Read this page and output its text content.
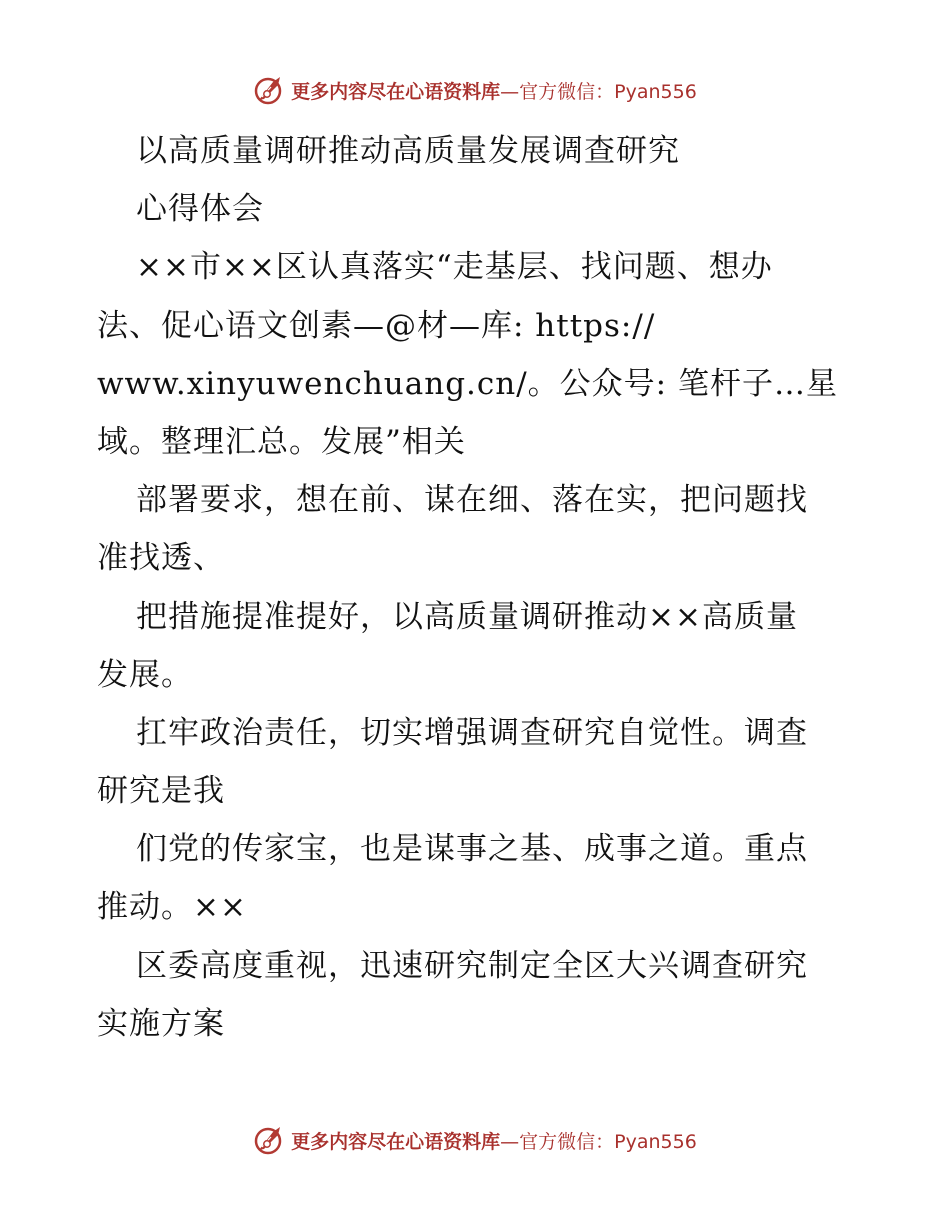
更多内容尽在心语资料库 —官方微信：Pyan556
以高质量调研推动高质量发展调查研究
心得体会
××市××区认真落实“走基层、找问题、想办
法、促心语文创素—@材—库: https://
www.xinyuwenchuang.cn/。公众号: 笔杆子…星
域。整理汇总。发展”相关
部署要求，想在前、谋在细、落在实，把问题找
准找透、
把措施提准提好，以高质量调研推动××高质量
发展。
扛牢政治责任，切实增强调查研究自觉性。调查
研究是我
们党的传家宝，也是谋事之基、成事之道。重点
推动。××
区委高度重视，迅速研究制定全区大兴调查研究
实施方案
更多内容尽在心语资料库 —官方微信：Pyan556
